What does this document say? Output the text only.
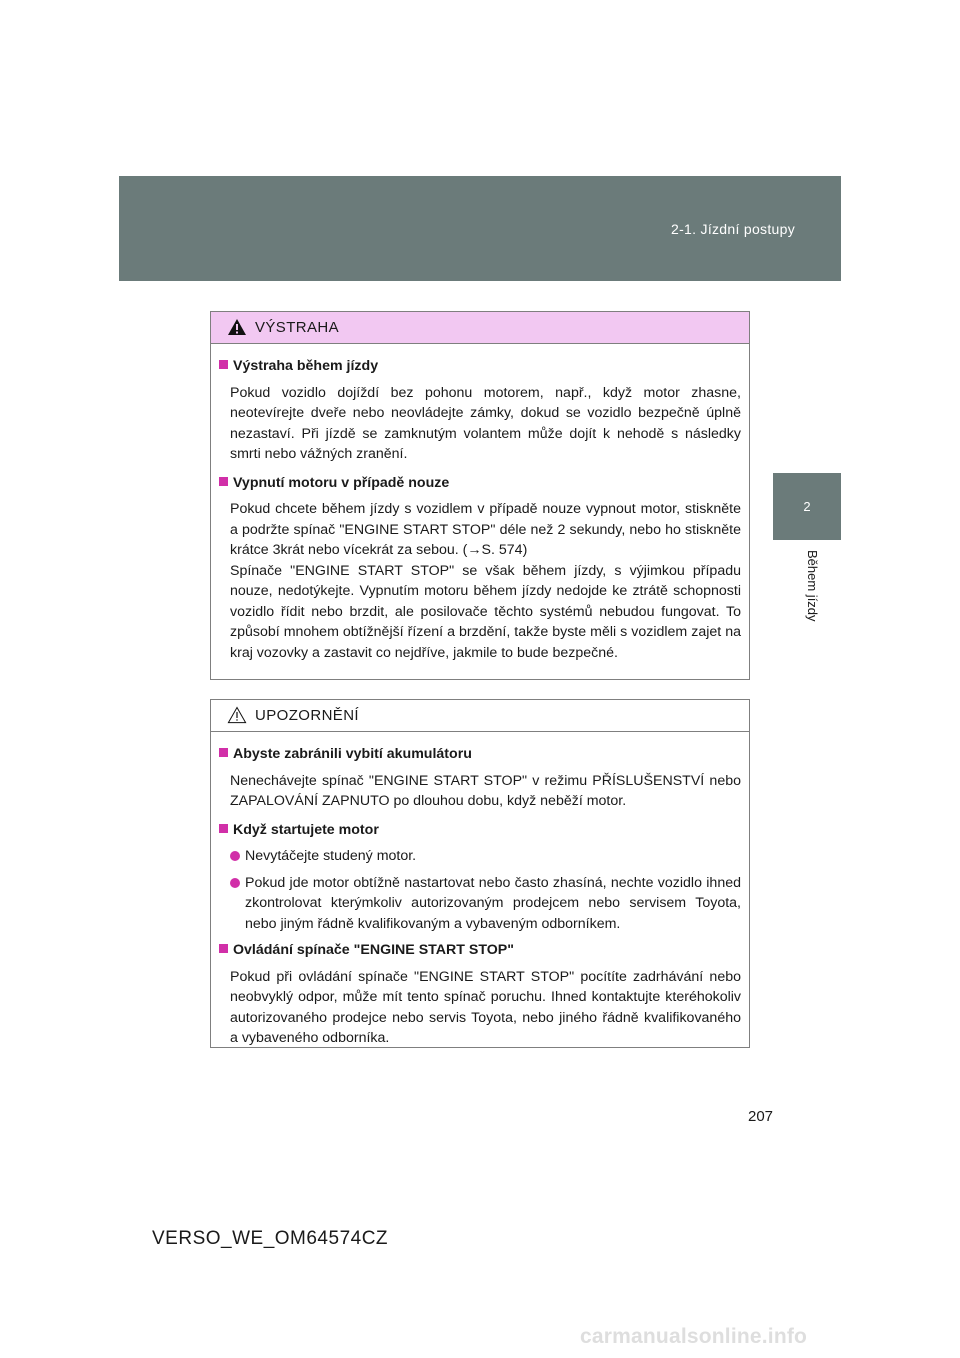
2-1. Jízdní postupy
2
Během jízdy
VÝSTRAHA
Výstraha během jízdy
Pokud vozidlo dojíždí bez pohonu motorem, např., když motor zhasne, neotevírejte dveře nebo neovládejte zámky, dokud se vozidlo bezpečně úplně nezastaví. Při jízdě se zamknutým volantem může dojít k nehodě s následky smrti nebo vážných zranění.
Vypnutí motoru v případě nouze
Pokud chcete během jízdy s vozidlem v případě nouze vypnout motor, stiskněte a podržte spínač "ENGINE START STOP" déle než 2 sekundy, nebo ho stiskněte krátce 3krát nebo vícekrát za sebou. (→S. 574)
Spínače "ENGINE START STOP" se však během jízdy, s výjimkou případu nouze, nedotýkejte. Vypnutím motoru během jízdy nedojde ke ztrátě schopnosti vozidlo řídit nebo brzdit, ale posilovače těchto systémů nebudou fungovat. To způsobí mnohem obtížnější řízení a brzdění, takže byste měli s vozidlem zajet na kraj vozovky a zastavit co nejdříve, jakmile to bude bezpečné.
UPOZORNĚNÍ
Abyste zabránili vybití akumulátoru
Nenechávejte spínač "ENGINE START STOP" v režimu PŘÍSLUŠENSTVÍ nebo ZAPALOVÁNÍ ZAPNUTO po dlouhou dobu, když neběží motor.
Když startujete motor
Nevytáčejte studený motor.
Pokud jde motor obtížně nastartovat nebo často zhasíná, nechte vozidlo ihned zkontrolovat kterýmkoliv autorizovaným prodejcem nebo servisem Toyota, nebo jiným řádně kvalifikovaným a vybaveným odborníkem.
Ovládání spínače "ENGINE START STOP"
Pokud při ovládání spínače "ENGINE START STOP" pocítíte zadrhávání nebo neobvyklý odpor, může mít tento spínač poruchu. Ihned kontaktujte kteréhokoliv autorizovaného prodejce nebo servis Toyota, nebo jiného řádně kvalifikovaného a vybaveného odborníka.
207
VERSO_WE_OM64574CZ
carmanualsonline.info
